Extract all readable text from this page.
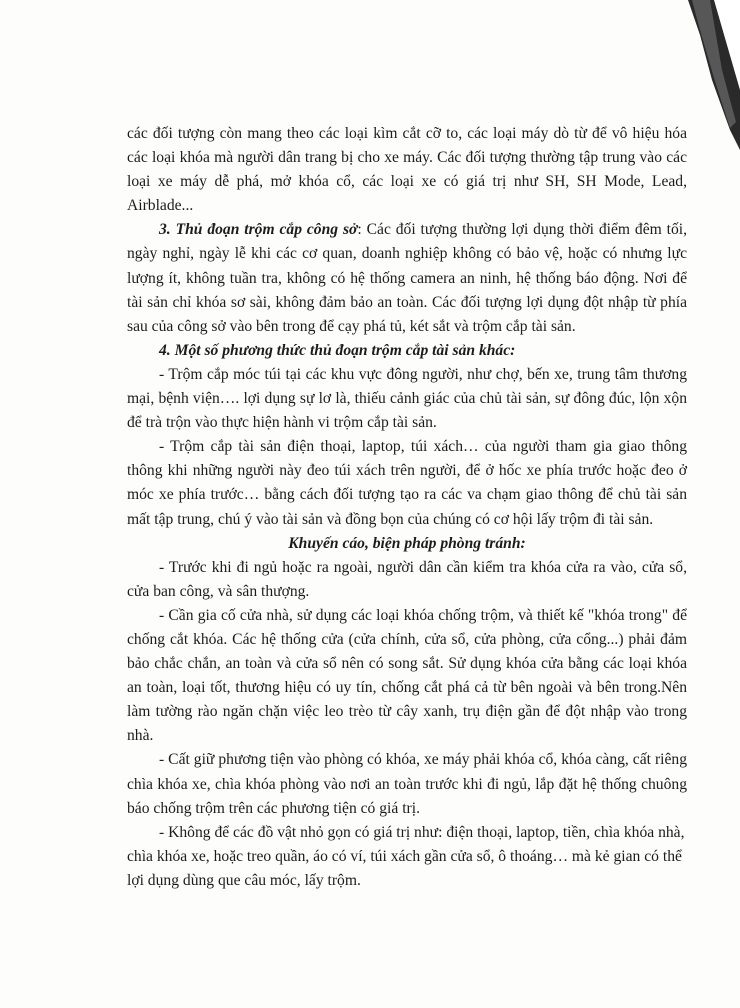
các đối tượng còn mang theo các loại kìm cắt cỡ to, các loại máy dò từ để vô hiệu hóa các loại khóa mà người dân trang bị cho xe máy. Các đối tượng thường tập trung vào các loại xe máy dễ phá, mở khóa cổ, các loại xe có giá trị như SH, SH Mode, Lead, Airblade...

3. Thủ đoạn trộm cắp công sở: Các đối tượng thường lợi dụng thời điểm đêm tối, ngày nghỉ, ngày lễ khi các cơ quan, doanh nghiệp không có bảo vệ, hoặc có nhưng lực lượng ít, không tuần tra, không có hệ thống camera an ninh, hệ thống báo động. Nơi để tài sản chỉ khóa sơ sài, không đảm bảo an toàn. Các đối tượng lợi dụng đột nhập từ phía sau của công sở vào bên trong để cạy phá tủ, két sắt và trộm cắp tài sản.

4. Một số phương thức thủ đoạn trộm cắp tài sản khác:

- Trộm cắp móc túi tại các khu vực đông người, như chợ, bến xe, trung tâm thương mại, bệnh viện…. lợi dụng sự lơ là, thiếu cảnh giác của chủ tài sản, sự đông đúc, lộn xộn để trà trộn vào thực hiện hành vi trộm cắp tài sản.

- Trộm cắp tài sản điện thoại, laptop, túi xách… của người tham gia giao thông thông khi những người này đeo túi xách trên người, để ở hốc xe phía trước hoặc đeo ở móc xe phía trước… bằng cách đối tượng tạo ra các va chạm giao thông để chủ tài sản mất tập trung, chú ý vào tài sản và đồng bọn của chúng có cơ hội lấy trộm đi tài sản.

Khuyến cáo, biện pháp phòng tránh:

- Trước khi đi ngủ hoặc ra ngoài, người dân cần kiểm tra khóa cửa ra vào, cửa sổ, cửa ban công, và sân thượng.

- Cần gia cố cửa nhà, sử dụng các loại khóa chống trộm, và thiết kế "khóa trong" để chống cắt khóa. Các hệ thống cửa (cửa chính, cửa sổ, cửa phòng, cửa cổng...) phải đảm bảo chắc chắn, an toàn và cửa sổ nên có song sắt. Sử dụng khóa cửa bằng các loại khóa an toàn, loại tốt, thương hiệu có uy tín, chống cắt phá cả từ bên ngoài và bên trong.Nên làm tường rào ngăn chặn việc leo trèo từ cây xanh, trụ điện gần để đột nhập vào trong nhà.

- Cất giữ phương tiện vào phòng có khóa, xe máy phải khóa cổ, khóa càng, cất riêng chìa khóa xe, chìa khóa phòng vào nơi an toàn trước khi đi ngủ, lắp đặt hệ thống chuông báo chống trộm trên các phương tiện có giá trị.

- Không để các đồ vật nhỏ gọn có giá trị như: điện thoại, laptop, tiền, chìa khóa nhà, chìa khóa xe, hoặc treo quần, áo có ví, túi xách gần cửa sổ, ô thoáng… mà kẻ gian có thể lợi dụng dùng que câu móc, lấy trộm.
